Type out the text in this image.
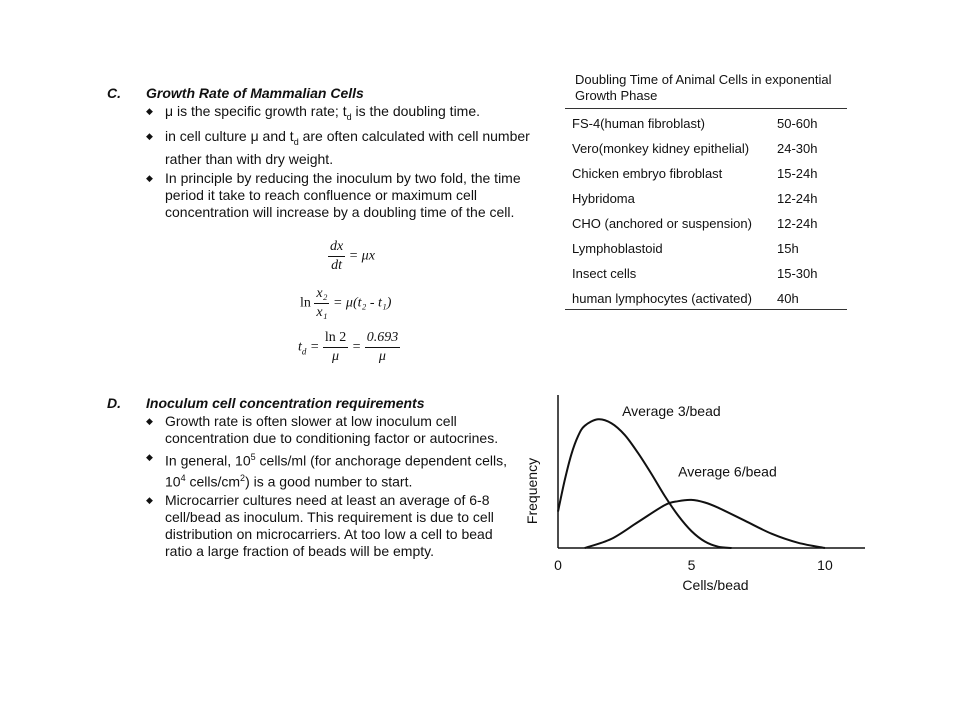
C. Growth Rate of Mammalian Cells
◆ μ is the specific growth rate; $t_d$ is the doubling time.
◆ in cell culture μ and $t_d$ are often calculated with cell number rather than with dry weight.
◆ In principle by reducing the inoculum by two fold, the time period it take to reach confluence or maximum cell concentration will increase by a doubling time of the cell.
$\frac{dx}{dt} = \mu x$
$\ln \frac{\text{x₂}}{\text{x₁}} = \mu(t_2 - t_1)$
$t_d = \frac{\ln 2}{\mu} = \frac{0.693}{\mu}$
Doubling Time of Animal Cells in exponential
Growth Phase
FS-4(human fibroblast)	50-60h
Vero(monkey kidney epithelial)	24-30h
Chicken embryo fibroblast	15-24h
Hybridoma	12-24h
CHO (anchored or suspension)	12-24h
Lymphoblastoid	15h
Insect cells	15-30h
human lymphocytes (activated)	40h
D. Inoculum cell concentration requirements
◆ Growth rate is often slower at low inoculum cell concentration due to conditioning factor or autocrines.
◆ In general, $10^5$ cells/ml (for anchorage dependent cells, $10^4$ cells/$cm^2$) is a good number to start.
◆ Microcarrier cultures need at least an average of 6-8 cell/bead as inoculum. This requirement is due to cell distribution on microcarriers. At too low a cell to bead ratio a large fraction of beads will be empty.
0	5	10
Cells/bead
Frequency
Average 3/bead
Average 6/bead
